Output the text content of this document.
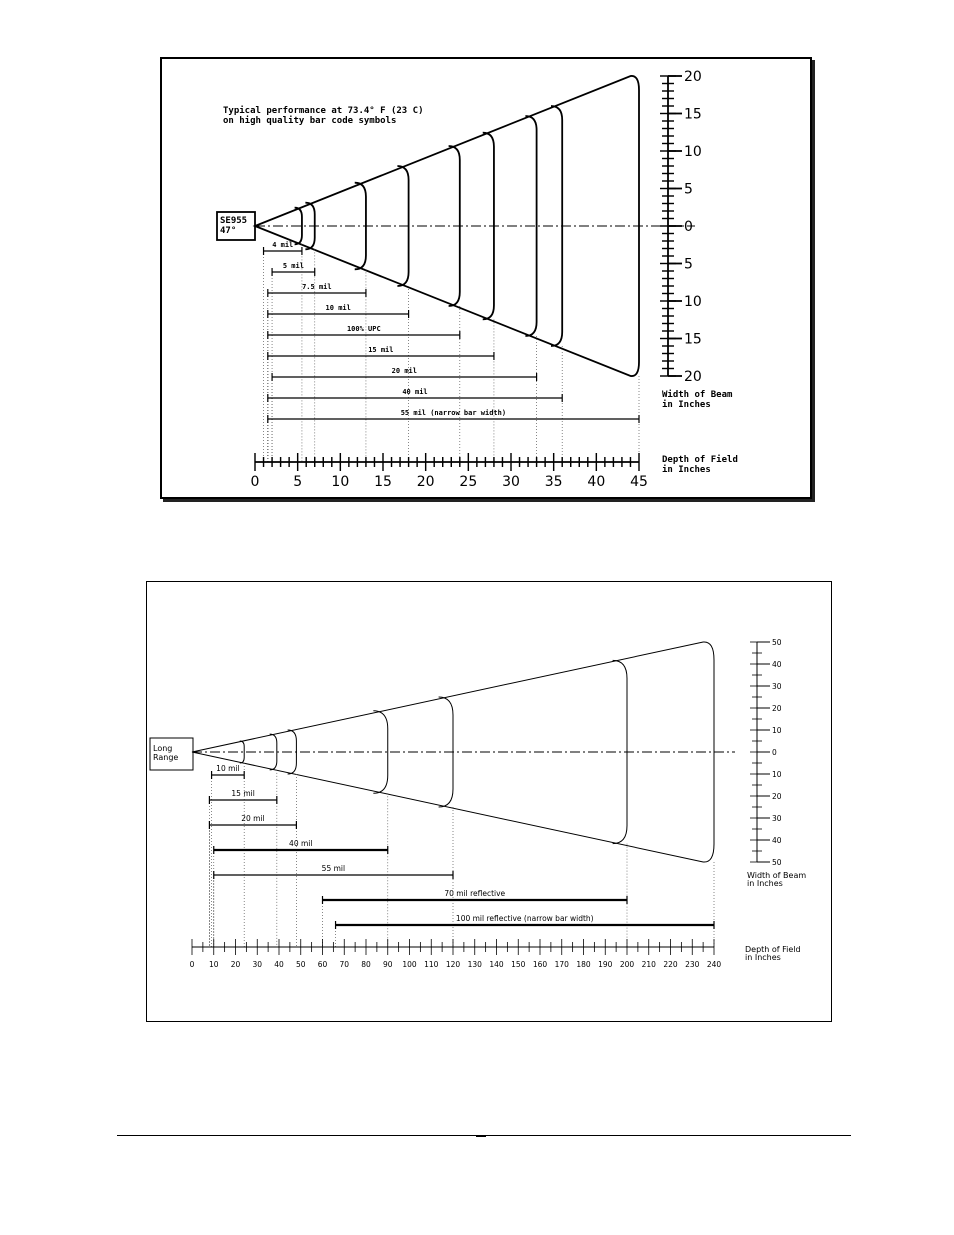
SE955
47°
4 mil
5 mil
7.5 mil
10 mil
100% UPC
15 mil
20 mil
40 mil
55 mil (narrow bar width)
0 5 10 15 20 25 30 35 40 45
Depth of Field
in Inches
20
15
10
5
0
5
10
15
20
Width of Beam
in Inches
Typical performance at 73.4° F (23 C)
on high quality bar code symbols
Long
Range
10 mil
15 mil
20 mil
40 mil
55 mil
70 mil reflective
100 mil reflective (narrow bar width)
0 10 20 30 40 50 60 70 80 90 100 110 120 130 140 150 160 170 180 190 200 210 220 230 240
Depth of Field
in Inches
50
40
30
20
10
0
10
20
30
40
50
Width of Beam
in Inches
